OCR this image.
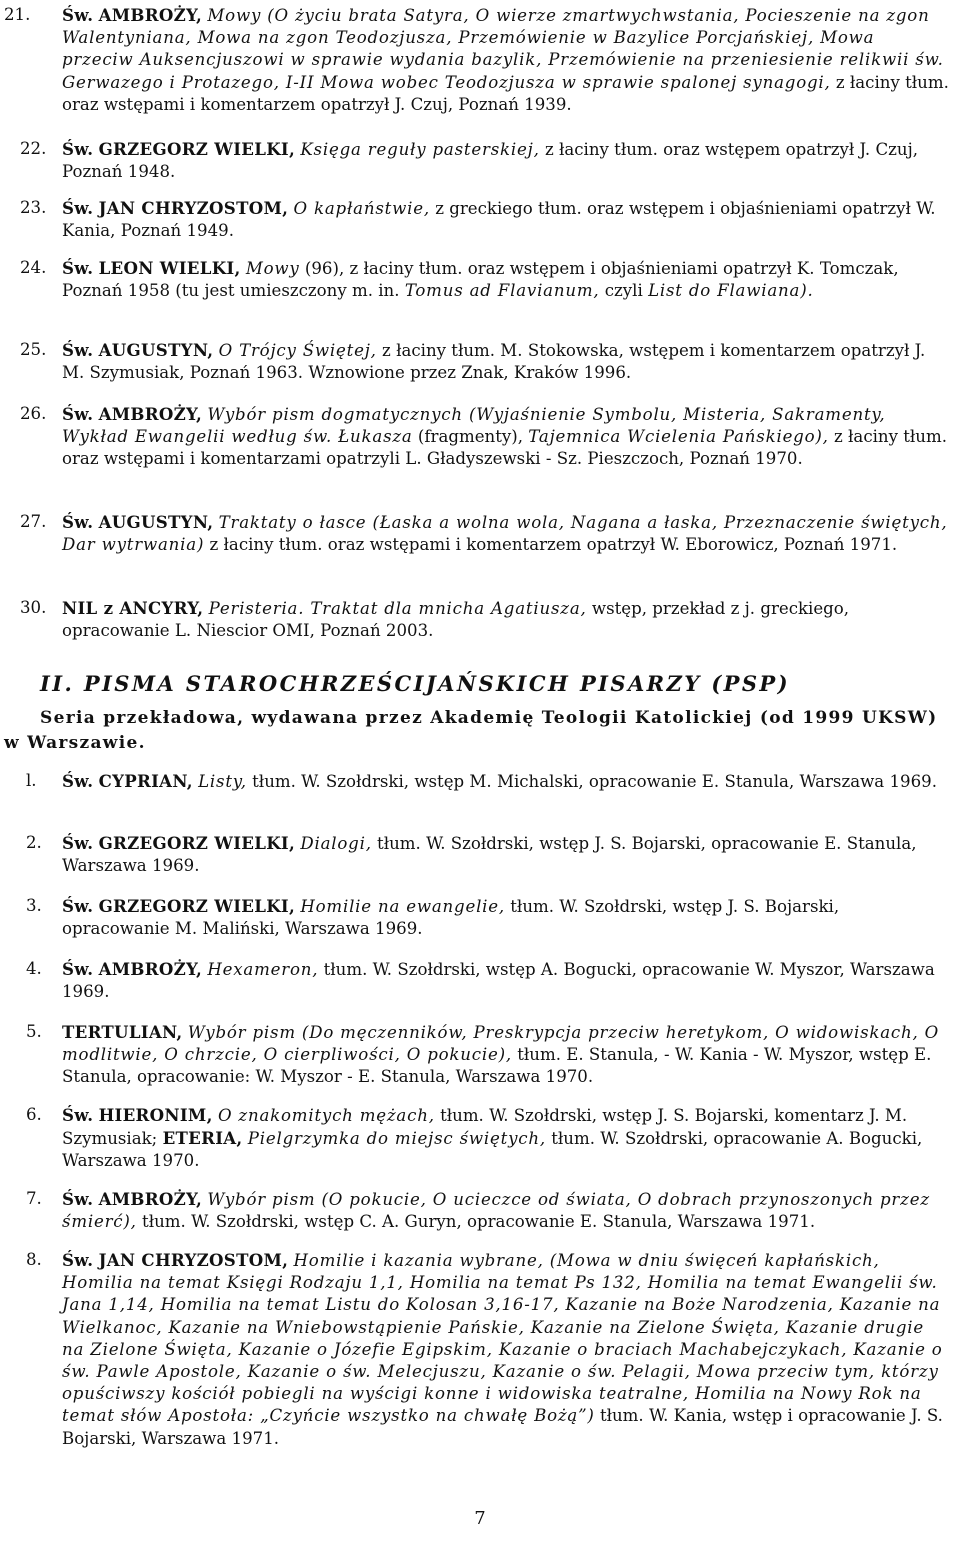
21. Św. AMBROŻY, Mowy (O życiu brata Satyra, O wierze zmartwychwstania, Pocieszenie na zgon Walentyniana, Mowa na zgon Teodozjusza, Przemówienie w Bazylice Porcjańskiej, Mowa przeciw Auksencjuszowi w sprawie wydania bazylik, Przemówienie na przeniesienie relikwii św. Gerwazego i Protazego, I-II Mowa wobec Teodozjusza w sprawie spalonej synagogi, z łaciny tłum. oraz wstępami i komentarzem opatrzył J. Czuj, Poznań 1939.
22. Św. GRZEGORZ WIELKI, Księga reguły pasterskiej, z łaciny tłum. oraz wstępem opatrzył J. Czuj, Poznań 1948.
23. Św. JAN CHRYZOSTOM, O kapłaństwie, z greckiego tłum. oraz wstępem i objaśnieniami opatrzył W. Kania, Poznań 1949.
24. Św. LEON WIELKI, Mowy (96), z łaciny tłum. oraz wstępem i objaśnieniami opatrzył K. Tomczak, Poznań 1958 (tu jest umieszczony m. in. Tomus ad Flavianum, czyli List do Flawiana).
25. Św. AUGUSTYN, O Trójcy Świętej, z łaciny tłum. M. Stokowska, wstępem i komentarzem opatrzył J. M. Szymusiak, Poznań 1963. Wznowione przez Znak, Kraków 1996.
26. Św. AMBROŻY, Wybór pism dogmatycznych (Wyjaśnienie Symbolu, Misteria, Sakramenty, Wykład Ewangelii według św. Łukasza (fragmenty), Tajemnica Wcielenia Pańskiego), z łaciny tłum. oraz wstępami i komentarzami opatrzyli L. Gładyszewski - Sz. Pieszczoch, Poznań 1970.
27. Św. AUGUSTYN, Traktaty o łasce (Łaska a wolna wola, Nagana a łaska, Przeznaczenie świętych, Dar wytrwania) z łaciny tłum. oraz wstępami i komentarzem opatrzył W. Eborowicz, Poznań 1971.
30. NIL z ANCYRY, Peristeria. Traktat dla mnicha Agatiusza, wstęp, przekład z j. greckiego, opracowanie L. Niescior OMI, Poznań 2003.
II. PISMA STAROCHRZEŚCIJAŃSKICH PISARZY (PSP)
Seria przekładowa, wydawana przez Akademię Teologii Katolickiej (od 1999 UKSW) w Warszawie.
l. Św. CYPRIAN, Listy, tłum. W. Szołdrski, wstęp M. Michalski, opracowanie E. Stanula, Warszawa 1969.
2. Św. GRZEGORZ WIELKI, Dialogi, tłum. W. Szołdrski, wstęp J. S. Bojarski, opracowanie E. Stanula, Warszawa 1969.
3. Św. GRZEGORZ WIELKI, Homilie na ewangelie, tłum. W. Szołdrski, wstęp J. S. Bojarski, opracowanie M. Maliński, Warszawa 1969.
4. Św. AMBROŻY, Hexameron, tłum. W. Szołdrski, wstęp A. Bogucki, opracowanie W. Myszor, Warszawa 1969.
5. TERTULIAN, Wybór pism (Do męczenników, Preskrypcja przeciw heretykom, O widowiskach, O modlitwie, O chrzcie, O cierpliwości, O pokucie), tłum. E. Stanula, - W. Kania - W. Myszor, wstęp E. Stanula, opracowanie: W. Myszor - E. Stanula, Warszawa 1970.
6. Św. HIERONIM, O znakomitych mężach, tłum. W. Szołdrski, wstęp J. S. Bojarski, komentarz J. M. Szymusiak; ETERIA, Pielgrzymka do miejsc świętych, tłum. W. Szołdrski, opracowanie A. Bogucki, Warszawa 1970.
7. Św. AMBROŻY, Wybór pism (O pokucie, O ucieczce od świata, O dobrach przynoszonych przez śmierć), tłum. W. Szołdrski, wstęp C. A. Guryn, opracowanie E. Stanula, Warszawa 1971.
8. Św. JAN CHRYZOSTOM, Homilie i kazania wybrane, (Mowa w dniu święceń kapłańskich, Homilia na temat Księgi Rodzaju 1,1, Homilia na temat Ps 132, Homilia na temat Ewangelii św. Jana 1,14, Homilia na temat Listu do Kolosan 3,16-17, Kazanie na Boże Narodzenia, Kazanie na Wielkanoc, Kazanie na Wniebowstąpienie Pańskie, Kazanie na Zielone Święta, Kazanie drugie na Zielone Święta, Kazanie o Józefie Egipskim, Kazanie o braciach Machabejczykach, Kazanie o św. Pawle Apostole, Kazanie o św. Melecjuszu, Kazanie o św. Pelagii, Mowa przeciw tym, którzy opuściwszy kościół pobiegli na wyścigi konne i widowiska teatralne, Homilia na Nowy Rok na temat słów Apostoła: „Czyńcie wszystko na chwałę Bożą”) tłum. W. Kania, wstęp i opracowanie J. S. Bojarski, Warszawa 1971.
7
